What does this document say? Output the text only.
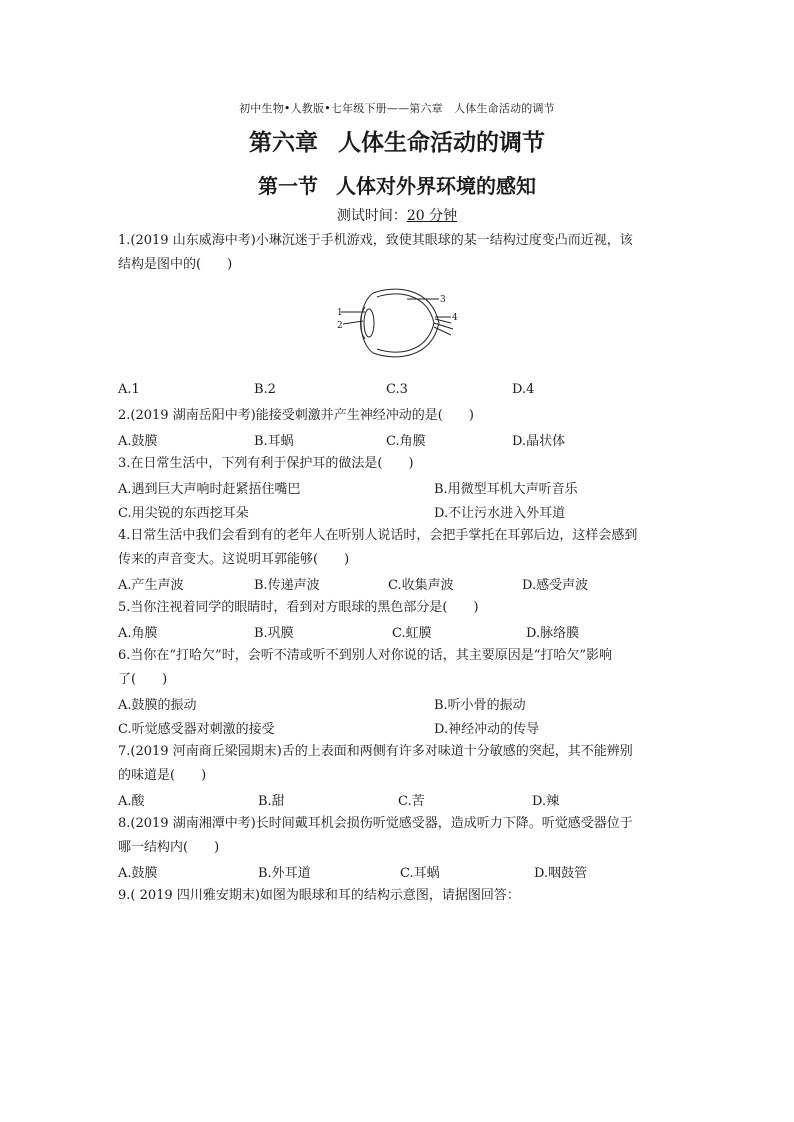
初中生物•人教版•七年级下册——第六章　人体生命活动的调节
第六章 人体生命活动的调节
第一节 人体对外界环境的感知
测试时间：20 分钟
1.(2019 山东威海中考)小琳沉迷于手机游戏，致使其眼球的某一结构过度变凸而近视，该
结构是图中的(　　)
1
2
3
4
A.1	B.2	C.3	D.4
2.(2019 湖南岳阳中考)能接受刺激并产生神经冲动的是(　　)
A.鼓膜	B.耳蜗	C.角膜	D.晶状体
3.在日常生活中，下列有利于保护耳的做法是(　　)
A.遇到巨大声响时赶紧捂住嘴巴	B.用微型耳机大声听音乐
C.用尖锐的东西挖耳朵	D.不让污水进入外耳道
4.日常生活中我们会看到有的老年人在听别人说话时，会把手掌托在耳郭后边，这样会感到
传来的声音变大。这说明耳郭能够(　　)
A.产生声波	B.传递声波	C.收集声波	D.感受声波
5.当你注视着同学的眼睛时，看到对方眼球的黑色部分是(　　)
A.角膜	B.巩膜	C.虹膜	D.脉络膜
6.当你在“打哈欠”时，会听不清或听不到别人对你说的话，其主要原因是“打哈欠”影响
了(　　)
A.鼓膜的振动	B.听小骨的振动
C.听觉感受器对刺激的接受	D.神经冲动的传导
7.(2019 河南商丘梁园期末)舌的上表面和两侧有许多对味道十分敏感的突起，其不能辨别
的味道是(　　)
A.酸	B.甜	C.苦	D.辣
8.(2019 湖南湘潭中考)长时间戴耳机会损伤听觉感受器，造成听力下降。听觉感受器位于
哪一结构内(　　)
A.鼓膜	B.外耳道	C.耳蜗	D.咽鼓管
9.( 2019 四川雅安期末)如图为眼球和耳的结构示意图，请据图回答：
